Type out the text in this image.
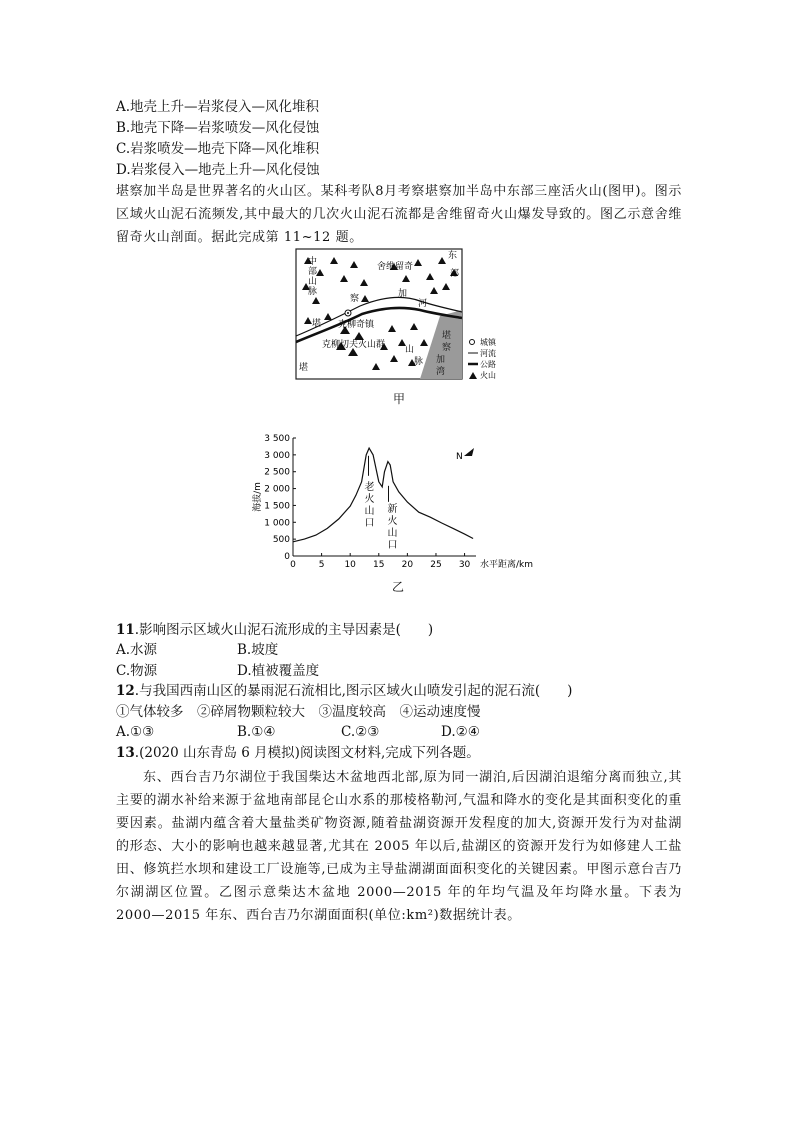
A.地壳上升—岩浆侵入—风化堆积
B.地壳下降—岩浆喷发—风化侵蚀
C.岩浆喷发—地壳下降—风化堆积
D.岩浆侵入—地壳上升—风化侵蚀
堪察加半岛是世界著名的火山区。某科考队8月考察堪察加半岛中东部三座活火山(图甲)。图示区域火山泥石流频发,其中最大的几次火山泥石流都是舍维留奇火山爆发导致的。图乙示意舍维留奇火山剖面。据此完成第 11~12 题。
舍维留奇
克柳奇镇
克柳切夫火山群
中
部
山
脉
堪
察	加
河
东
部
山
脉
堪
察
加
湾
堪
城镇
河流
公路
火山
甲
0
500
1 000
1 500
2 000
2 500
3 000
3 500
0	5 10 15 20 25 30 水平距离/km
海拔/m	老
火
山
口
新
火
山
口
N
乙
11.影响图示区域火山泥石流形成的主导因素是(　　)
A.水源	B.坡度
C.物源	D.植被覆盖度
12.与我国西南山区的暴雨泥石流相比,图示区域火山喷发引起的泥石流(　　)
①气体较多　②碎屑物颗粒较大　③温度较高　④运动速度慢
A.①③	B.①④	C.②③	D.②④
13.(2020 山东青岛 6 月模拟)阅读图文材料,完成下列各题。
东、西台吉乃尔湖位于我国柴达木盆地西北部,原为同一湖泊,后因湖泊退缩分离而独立,其主要的湖水补给来源于盆地南部昆仑山水系的那棱格勒河,气温和降水的变化是其面积变化的重要因素。盐湖内蕴含着大量盐类矿物资源,随着盐湖资源开发程度的加大,资源开发行为对盐湖的形态、大小的影响也越来越显著,尤其在 2005 年以后,盐湖区的资源开发行为如修建人工盐田、修筑拦水坝和建设工厂设施等,已成为主导盐湖湖面面积变化的关键因素。甲图示意台吉乃尔湖湖区位置。乙图示意柴达木盆地 2000—2015 年的年均气温及年均降水量。下表为 2000—2015 年东、西台吉乃尔湖面面积(单位:km²)数据统计表。
